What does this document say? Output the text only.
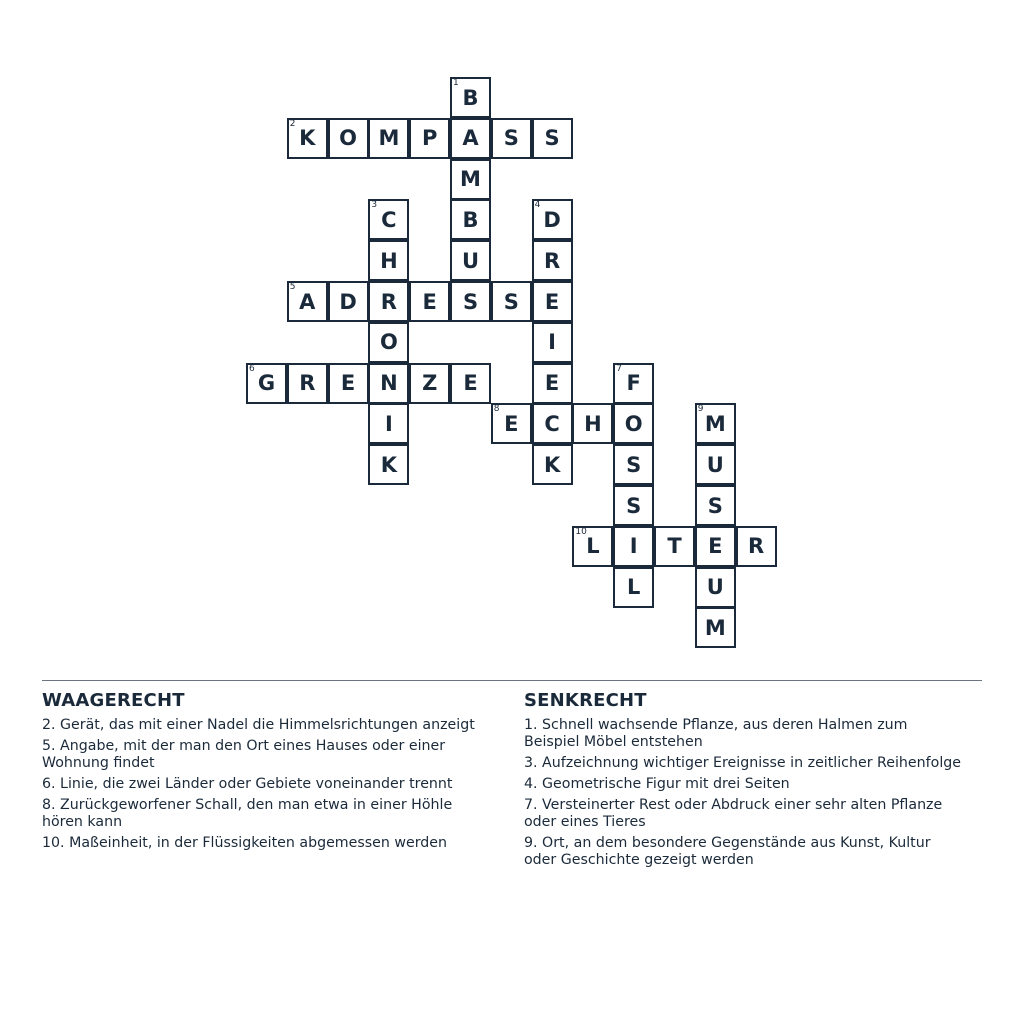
1
B
A
M
B
U
S
2
K	O	M	P	S	S
3
C
H
R
O
N
I
K
4
D
R
E
I
E
C
K
5
A	D	E	S
6
G	R	E	Z	E
7
F
O
S
S
I
L
8
E	H
9
M
U
S
E
U
M
10
L	T	R
WAAGERECHT
2. Gerät, das mit einer Nadel die Himmelsrichtungen anzeigt
5. Angabe, mit der man den Ort eines Hauses oder einer Wohnung findet
6. Linie, die zwei Länder oder Gebiete voneinander trennt
8. Zurückgeworfener Schall, den man etwa in einer Höhle hören kann
10. Maßeinheit, in der Flüssigkeiten abgemessen werden
SENKRECHT
1. Schnell wachsende Pflanze, aus deren Halmen zum Beispiel Möbel entstehen
3. Aufzeichnung wichtiger Ereignisse in zeitlicher Reihenfolge
4. Geometrische Figur mit drei Seiten
7. Versteinerter Rest oder Abdruck einer sehr alten Pflanze oder eines Tieres
9. Ort, an dem besondere Gegenstände aus Kunst, Kultur oder Geschichte gezeigt werden
